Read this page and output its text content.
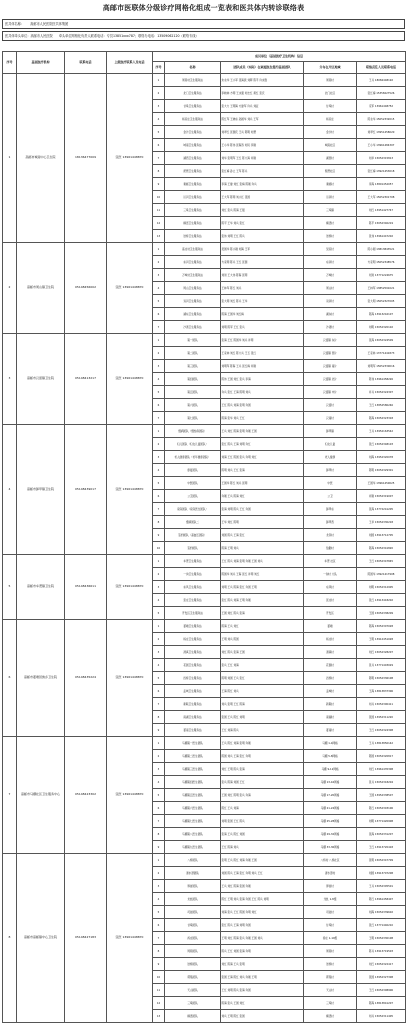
高邮市医联体分级诊疗网格化组成一览表和医共体内转诊联络表
医共体名称： 高邮市人民医院医共体集团
医共体牵头单位：高邮市人民医院 牵头单位网格化负责人联系电话：专员13851xxx787；联络办电话：13509062120（联络专线）
序号	基层医疗机构	联系电话	上级医疗联系人及电话	成员单位（基层医疗卫生机构）信息				
				序号	名称	团队成员（实际）在家庭医生签约基层团队	分布在片区地域	联络责任人及联系电话
1	高邮市城南中心卫生院	18136477009	张医 13961448870	1	周巷村卫生服务站	朱永华 王小军 张海滨 刘辉 陈平 许永胜	周巷村	王兵 18084448192
				2	北门卫生服务站	李晓林 方明 王永强 刘志红 黄红 张庆	北门社区	张红梅 15358227526
				3	甘垛卫生服务站	张大力 王明海 方建军 许兵 刘亚	甘垛村	宋军 13961448752
				4	杨家庄卫生服务站	陈红军 王晓东 孙国华 刘兵 王军	杨家庄	陈永华 15052332015
				5	金沙卫生服务站	刘翠红 张国庆 王兵 陈明 刘慧	金沙村	刘翠红 13951458020
				6	城南卫生服务站	王小华 陈伟 张海涛 刘凤 李刚	城南社区	王小华 13961484307
				7	湖西卫生服务站	刘华 张明军 王红 陈大海 许刚	湖西村	刘华 15052315813
				8	琵琶卫生服务站	张红梅 孙立 王军 陈兵	琵琶社区	张红梅 13921453018
				9	秦邮卫生服务站	李海 王健 刘红 张梅 陈刚 许兵	秦邮村	李海 13801452057
				10	运河卫生服务站	王大军 陈明 刘小红 张国	运河村	王大军 15052301708
				11	三垛卫生服务站	刘红 张兵 陈海 王强	三垛镇	刘红 13951427747
				12	横泾卫生服务站	陈平 王华 刘兵 张红	横泾村	陈平 15052340219
				13	送桥卫生服务站	张伟 刘明 王红 陈兵	送桥村	张伟 13961447202
2	高邮市周山镇卫生院	05148456002	张医 13961448870	1	高庄村卫生服务站	吴国华 陈小刚 刘海 王军	吴家村	陈小刚 13813843521
				2	东河卫生服务站	方家明 陈兵 王红 张国	东河村	方家明 15052348576
				3	万城村卫生服务站	刘进 王大伟 陈海 张明	万城村	刘进 13771224675
				4	周山卫生服务站	王林军 陈红 刘兵	周山村	王林军 13852591021
				5	双河卫生服务站	张大明 刘红 陈兵 王华	双河村	张大明 15052327005
				6	湖东卫生服务站	陈海 王国华 刘红梅	湖东村	陈海 13913242107
				7	沙湾卫生服务站	刘明 陈军 王红 张兵	沙湾村	刘明 15052320102
3	高邮市汉留镇卫生院	05148413217	张医 13961448870	1	第一团队	张海 王红 陈国华 刘兵 许明	汉留镇 东片	张海 15052324509
				2	第二团队	王家林 刘红 陈大兵 王玉 张红	汉留镇 西片	王家林 13771441873
				3	第三团队	刘明军 陈海 王兵 张红梅 许刚	汉留镇 南片	刘明军 15052330016
				4	第四团队	陈伟 王国 刘红 张兵 李海	汉留镇 北片	陈伟 13961458226
				5	第五团队	许兵 张红 王海 陈明 刘兵	汉留镇 中片	许兵 15052324307
				6	第六团队	王红 陈兵 刘海 张明 许国	汉留村	王红 13852580246
				7	第七团队	陈海 张华 刘兵 王红	汉南村	陈海 15052323318
4	高邮市卸甲镇卫生院	05148439017	张医 13961448870	1	慢病团队（慢性病团队）	王兵 刘红 陈海 张明 许刚 王国	卸甲镇	王兵 13952163542
				2	妇儿团队（妇女儿童团队）	张红 陈兵 王海 刘明 许红	妇女儿童	张红 15052348103
				3	老人健康团队（老年健康团队）	刘海 王红 陈国 张兵 许明 刘红	老人健康	刘海 13952320078
				4	康复团队	陈明 刘兵 王红 张海	卸甲村	陈明 15052329301
				5	中医团队	王国华 陈红 刘兵 张明	中医	王国华 13961450025
				6	公卫团队	许刚 王兵 陈海 刘红	公卫	许刚 15052319007
				7	家庭团队（家庭医生团队）	张海 刘明 陈兵 王红 许国	卸甲东	张海 13772241205
				8	慢病团队二	王华 刘红 陈明	卸甲西	王华 15052330218
				9	签约团队（高血压团队）	刘国 陈兵 王海 张红	龙奔村	刘国 13913712705
				10	签约团队	陈海 王明 刘兵	伯勤村	陈海 15052341820
5	高邮市车逻镇卫生院	05148436611	张医 13961448870	1	车逻卫生服务站	王红 陈兵 刘海 张明 许刚 王国 刘兵	车逻 社区	王红 15052347845
				2	一沟卫生服务站	陈国华 刘兵 王海 张红 许明 刘红	一沟村 大队	陈国华 13921417908
				3	东风卫生服务站	刘明 王兵 陈海 张红 许国 王明	东风村	刘明 15052312905
				4	张庄卫生服务站	张红 陈兵 刘海 王明 许刚	张庄村	张红 13913418202
				5	开发区卫生服务站	王国 刘红 陈兵 张海	开发区	王国 15052338209
6	高邮市菱塘回族乡卫生院	05148435224	张医 13961448870	1	菱塘卫生服务站	陈海 王兵 刘红	菱塘	陈海 15052307028
				2	杨庄卫生服务站	王明 刘兵 陈国	杨庄村	王明 13912451028
				3	清真卫生服务站	刘红 陈兵 张海 王国	清真村	刘红 15052328207
				4	花园卫生服务站	张兵 王红 刘海	花园村	张兵 13771403029
				5	四桥卫生服务站	陈明 刘国 王兵 张红	四桥村	陈明 15052336108
				6	盂城卫生服务站	王海 陈红 刘兵	盂城村	王海 13813837306
				7	新联卫生服务站	刘兵 张明 王红 陈海	新联村	刘兵 15052300411
				8	南湖卫生服务站	张国 王兵 陈红 刘明	南湖村	张国 13952311220
				9	菱南卫生服务站	王红 刘海 陈兵	菱南村	王红 15052324308
7	高邮市马棚社区卫生服务中心	05148423302	张医 13961448870	1	马棚第一医生团队	王兵 陈红 刘海 张明 许刚	马棚 1-4网格	王兵 13813850142
				2	马棚第二医生团队	陈国 刘兵 王海 张红 许明	马棚 5-8网格	陈国 15052320817
				3	马棚第三医生团队	刘红 王明 陈兵 张海	马棚 9-12网格	刘红 13961435308
				4	马棚第四医生团队	张兵 陈海 刘国 王红	马棚 13-16网格	张兵 15052318204
				5	马棚第五医生团队	王国 刘红 陈明 张兵 许海	马棚 17-20网格	王国 13952338507
				6	马棚第六医生团队	陈红 王兵 刘海	马棚 21-24网格	陈红 15052303106
				7	马棚第七医生团队	刘明 张国 王红 陈兵	马棚 25-28网格	刘明 13771420908
				8	马棚第八医生团队	张海 王兵 陈红 刘国	马棚 29-32网格	张海 15052331207
				9	马棚第九医生团队	王红 陈海 刘兵	马棚 33-36网格	王红 13913720418
8	高邮市高邮镇中心卫生院	05148427183	张医 13961448870	1	八桥团队	张明 王兵 陈红 刘海 许刚 王国	八桥村 八桥社区	张明 15052347709
				2	清水潭团队	刘国 陈兵 王海 张红 许明 刘兵 王红	清水潭村	刘国 13913707208
				3	界首团队	王兵 刘红 陈海 张国 许刚	界首村	王兵 15052305501
				4	龙虬团队	陈红 王明 刘兵 张海 许国 王红 陈兵 刘明	龙虬 1-8组	陈红 13961458407
				5	司徒团队	刘海 张兵 王红 陈国 许明 刘红	司徒村	刘海 15052339602
				6	甘垛团队	张红 陈兵 王海 刘明 许国	甘垛村	张红 13771440210
				7	汤庄团队	王明 刘红 陈海 张兵 许刚 王国 刘兵	汤庄 1-10组	王明 15052330108
				8	周巷团队	陈兵 王红 刘国 张海 许明	周巷村	陈兵 13913719503
				9	送桥团队	刘红 陈海 王兵 张明	送桥村	刘红 15052322417
				10	郭集团队	张国 王海 陈红 刘兵 许刚 王明	郭集村	张国 13952327308
				11	天山团队	王红 刘明 陈兵 张海 许国	天山村	王红 15052308906
				12	三垛团队	陈海 张兵 王国 刘红	三垛村	陈海 13813841207
				13	横泾团队	刘兵 王明 陈红 张国	横泾村	刘兵 15052311405
